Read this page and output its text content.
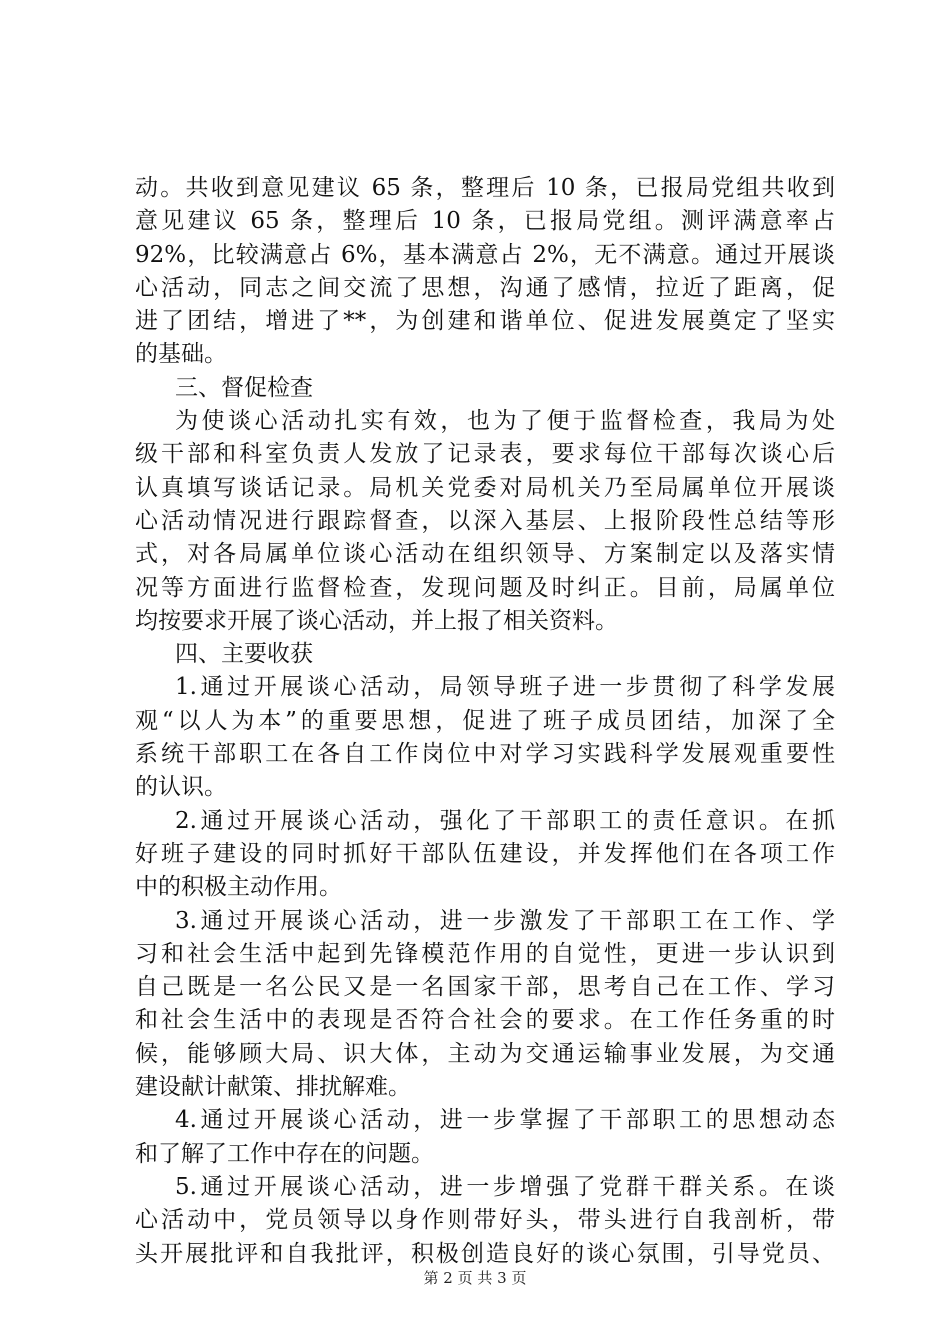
动。共收到意见建议 65 条，整理后 10 条，已报局党组共收到
意见建议 65 条，整理后 10 条，已报局党组。测评满意率占
92%，比较满意占 6%，基本满意占 2%，无不满意。通过开展谈
心活动，同志之间交流了思想，沟通了感情，拉近了距离，促
进了团结，增进了**，为创建和谐单位、促进发展奠定了坚实
的基础。
三、督促检查
为使谈心活动扎实有效，也为了便于监督检查，我局为处
级干部和科室负责人发放了记录表，要求每位干部每次谈心后
认真填写谈话记录。局机关党委对局机关乃至局属单位开展谈
心活动情况进行跟踪督查，以深入基层、上报阶段性总结等形
式，对各局属单位谈心活动在组织领导、方案制定以及落实情
况等方面进行监督检查，发现问题及时纠正。目前，局属单位
均按要求开展了谈心活动，并上报了相关资料。
四、主要收获
1.通过开展谈心活动，局领导班子进一步贯彻了科学发展
观“以人为本”的重要思想，促进了班子成员团结，加深了全
系统干部职工在各自工作岗位中对学习实践科学发展观重要性
的认识。
2.通过开展谈心活动，强化了干部职工的责任意识。在抓
好班子建设的同时抓好干部队伍建设，并发挥他们在各项工作
中的积极主动作用。
3.通过开展谈心活动，进一步激发了干部职工在工作、学
习和社会生活中起到先锋模范作用的自觉性，更进一步认识到
自己既是一名公民又是一名国家干部，思考自己在工作、学习
和社会生活中的表现是否符合社会的要求。在工作任务重的时
候，能够顾大局、识大体，主动为交通运输事业发展，为交通
建设献计献策、排扰解难。
4.通过开展谈心活动，进一步掌握了干部职工的思想动态
和了解了工作中存在的问题。
5.通过开展谈心活动，进一步增强了党群干群关系。在谈
心活动中，党员领导以身作则带好头，带头进行自我剖析，带
头开展批评和自我批评，积极创造良好的谈心氛围，引导党员、
第 2 页 共 3 页
